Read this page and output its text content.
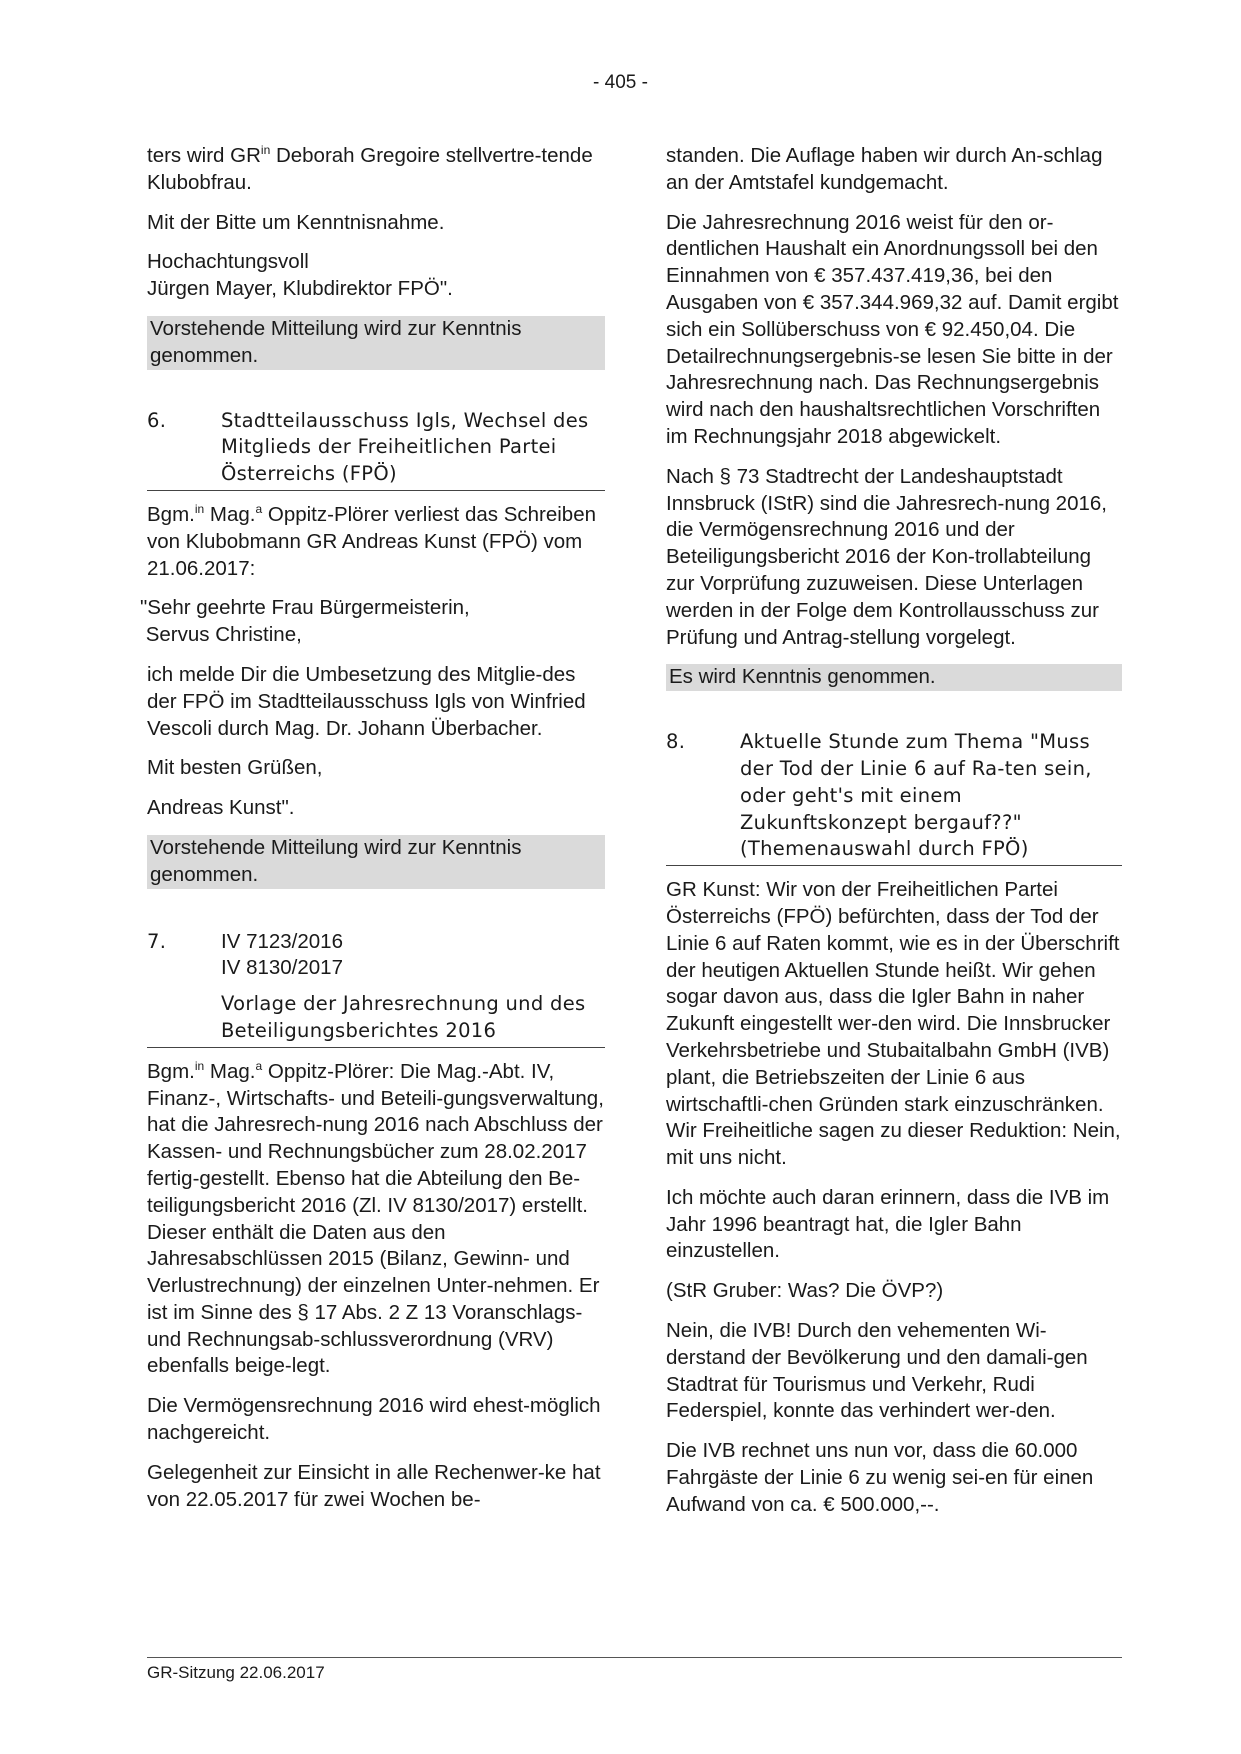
- 405 -

ters wird $GR^{in}$ Deborah Gregoire stellvertre-tende Klubobfrau.

Mit der Bitte um Kenntnisnahme.

Hochachtungsvoll
Jürgen Mayer, Klubdirektor FPÖ".

Vorstehende Mitteilung wird zur Kenntnis genommen.

6.	Stadtteilausschuss Igls, Wechsel des Mitglieds der Freiheitlichen Partei Österreichs (FPÖ)

Bgm.$^{in}$ Mag.$^a$ Oppitz-Plörer verliest das Schreiben von Klubobmann GR Andreas Kunst (FPÖ) vom 21.06.2017:

"Sehr geehrte Frau Bürgermeisterin,
Servus Christine,

ich melde Dir die Umbesetzung des Mitglie-des der FPÖ im Stadtteilausschuss Igls von Winfried Vescoli durch Mag. Dr. Johann Überbacher.

Mit besten Grüßen,

Andreas Kunst".

Vorstehende Mitteilung wird zur Kenntnis genommen.

7.	IV 7123/2016
IV 8130/2017
Vorlage der Jahresrechnung und des Beteiligungsberichtes 2016

Bgm.$^{in}$ Mag.$^a$ Oppitz-Plörer: Die Mag.-Abt. IV, Finanz-, Wirtschafts- und Beteili-gungsverwaltung, hat die Jahresrech-nung 2016 nach Abschluss der Kassen- und Rechnungsbücher zum 28.02.2017 fertig-gestellt. Ebenso hat die Abteilung den Be-teiligungsbericht 2016 (Zl. IV 8130/2017) erstellt. Dieser enthält die Daten aus den Jahresabschlüssen 2015 (Bilanz, Gewinn- und Verlustrechnung) der einzelnen Unter-nehmen. Er ist im Sinne des § 17 Abs. 2 Z 13 Voranschlags- und Rechnungsab-schlussverordnung (VRV) ebenfalls beige-legt.

Die Vermögensrechnung 2016 wird ehest-möglich nachgereicht.

Gelegenheit zur Einsicht in alle Rechenwer-ke hat von 22.05.2017 für zwei Wochen be-

standen. Die Auflage haben wir durch An-schlag an der Amtstafel kundgemacht.

Die Jahresrechnung 2016 weist für den or-dentlichen Haushalt ein Anordnungssoll bei den Einnahmen von € 357.437.419,36, bei den Ausgaben von € 357.344.969,32 auf. Damit ergibt sich ein Sollüberschuss von € 92.450,04. Die Detailrechnungsergebnis-se lesen Sie bitte in der Jahresrechnung nach. Das Rechnungsergebnis wird nach den haushaltsrechtlichen Vorschriften im Rechnungsjahr 2018 abgewickelt.

Nach § 73 Stadtrecht der Landeshauptstadt Innsbruck (IStR) sind die Jahresrech-nung 2016, die Vermögensrechnung 2016 und der Beteiligungsbericht 2016 der Kon-trollabteilung zur Vorprüfung zuzuweisen. Diese Unterlagen werden in der Folge dem Kontrollausschuss zur Prüfung und Antrag-stellung vorgelegt.

Es wird Kenntnis genommen.

8.	Aktuelle Stunde zum Thema "Muss der Tod der Linie 6 auf Ra-ten sein, oder geht's mit einem Zukunftskonzept bergauf??" (Themenauswahl durch FPÖ)

GR Kunst: Wir von der Freiheitlichen Partei Österreichs (FPÖ) befürchten, dass der Tod der Linie 6 auf Raten kommt, wie es in der Überschrift der heutigen Aktuellen Stunde heißt. Wir gehen sogar davon aus, dass die Igler Bahn in naher Zukunft eingestellt wer-den wird. Die Innsbrucker Verkehrsbetriebe und Stubaitalbahn GmbH (IVB) plant, die Betriebszeiten der Linie 6 aus wirtschaftli-chen Gründen stark einzuschränken. Wir Freiheitliche sagen zu dieser Reduktion: Nein, mit uns nicht.

Ich möchte auch daran erinnern, dass die IVB im Jahr 1996 beantragt hat, die Igler Bahn einzustellen.

(StR Gruber: Was? Die ÖVP?)

Nein, die IVB! Durch den vehementen Wi-derstand der Bevölkerung und den damali-gen Stadtrat für Tourismus und Verkehr, Rudi Federspiel, konnte das verhindert wer-den.

Die IVB rechnet uns nun vor, dass die 60.000 Fahrgäste der Linie 6 zu wenig sei-en für einen Aufwand von ca. € 500.000,--.

GR-Sitzung 22.06.2017
